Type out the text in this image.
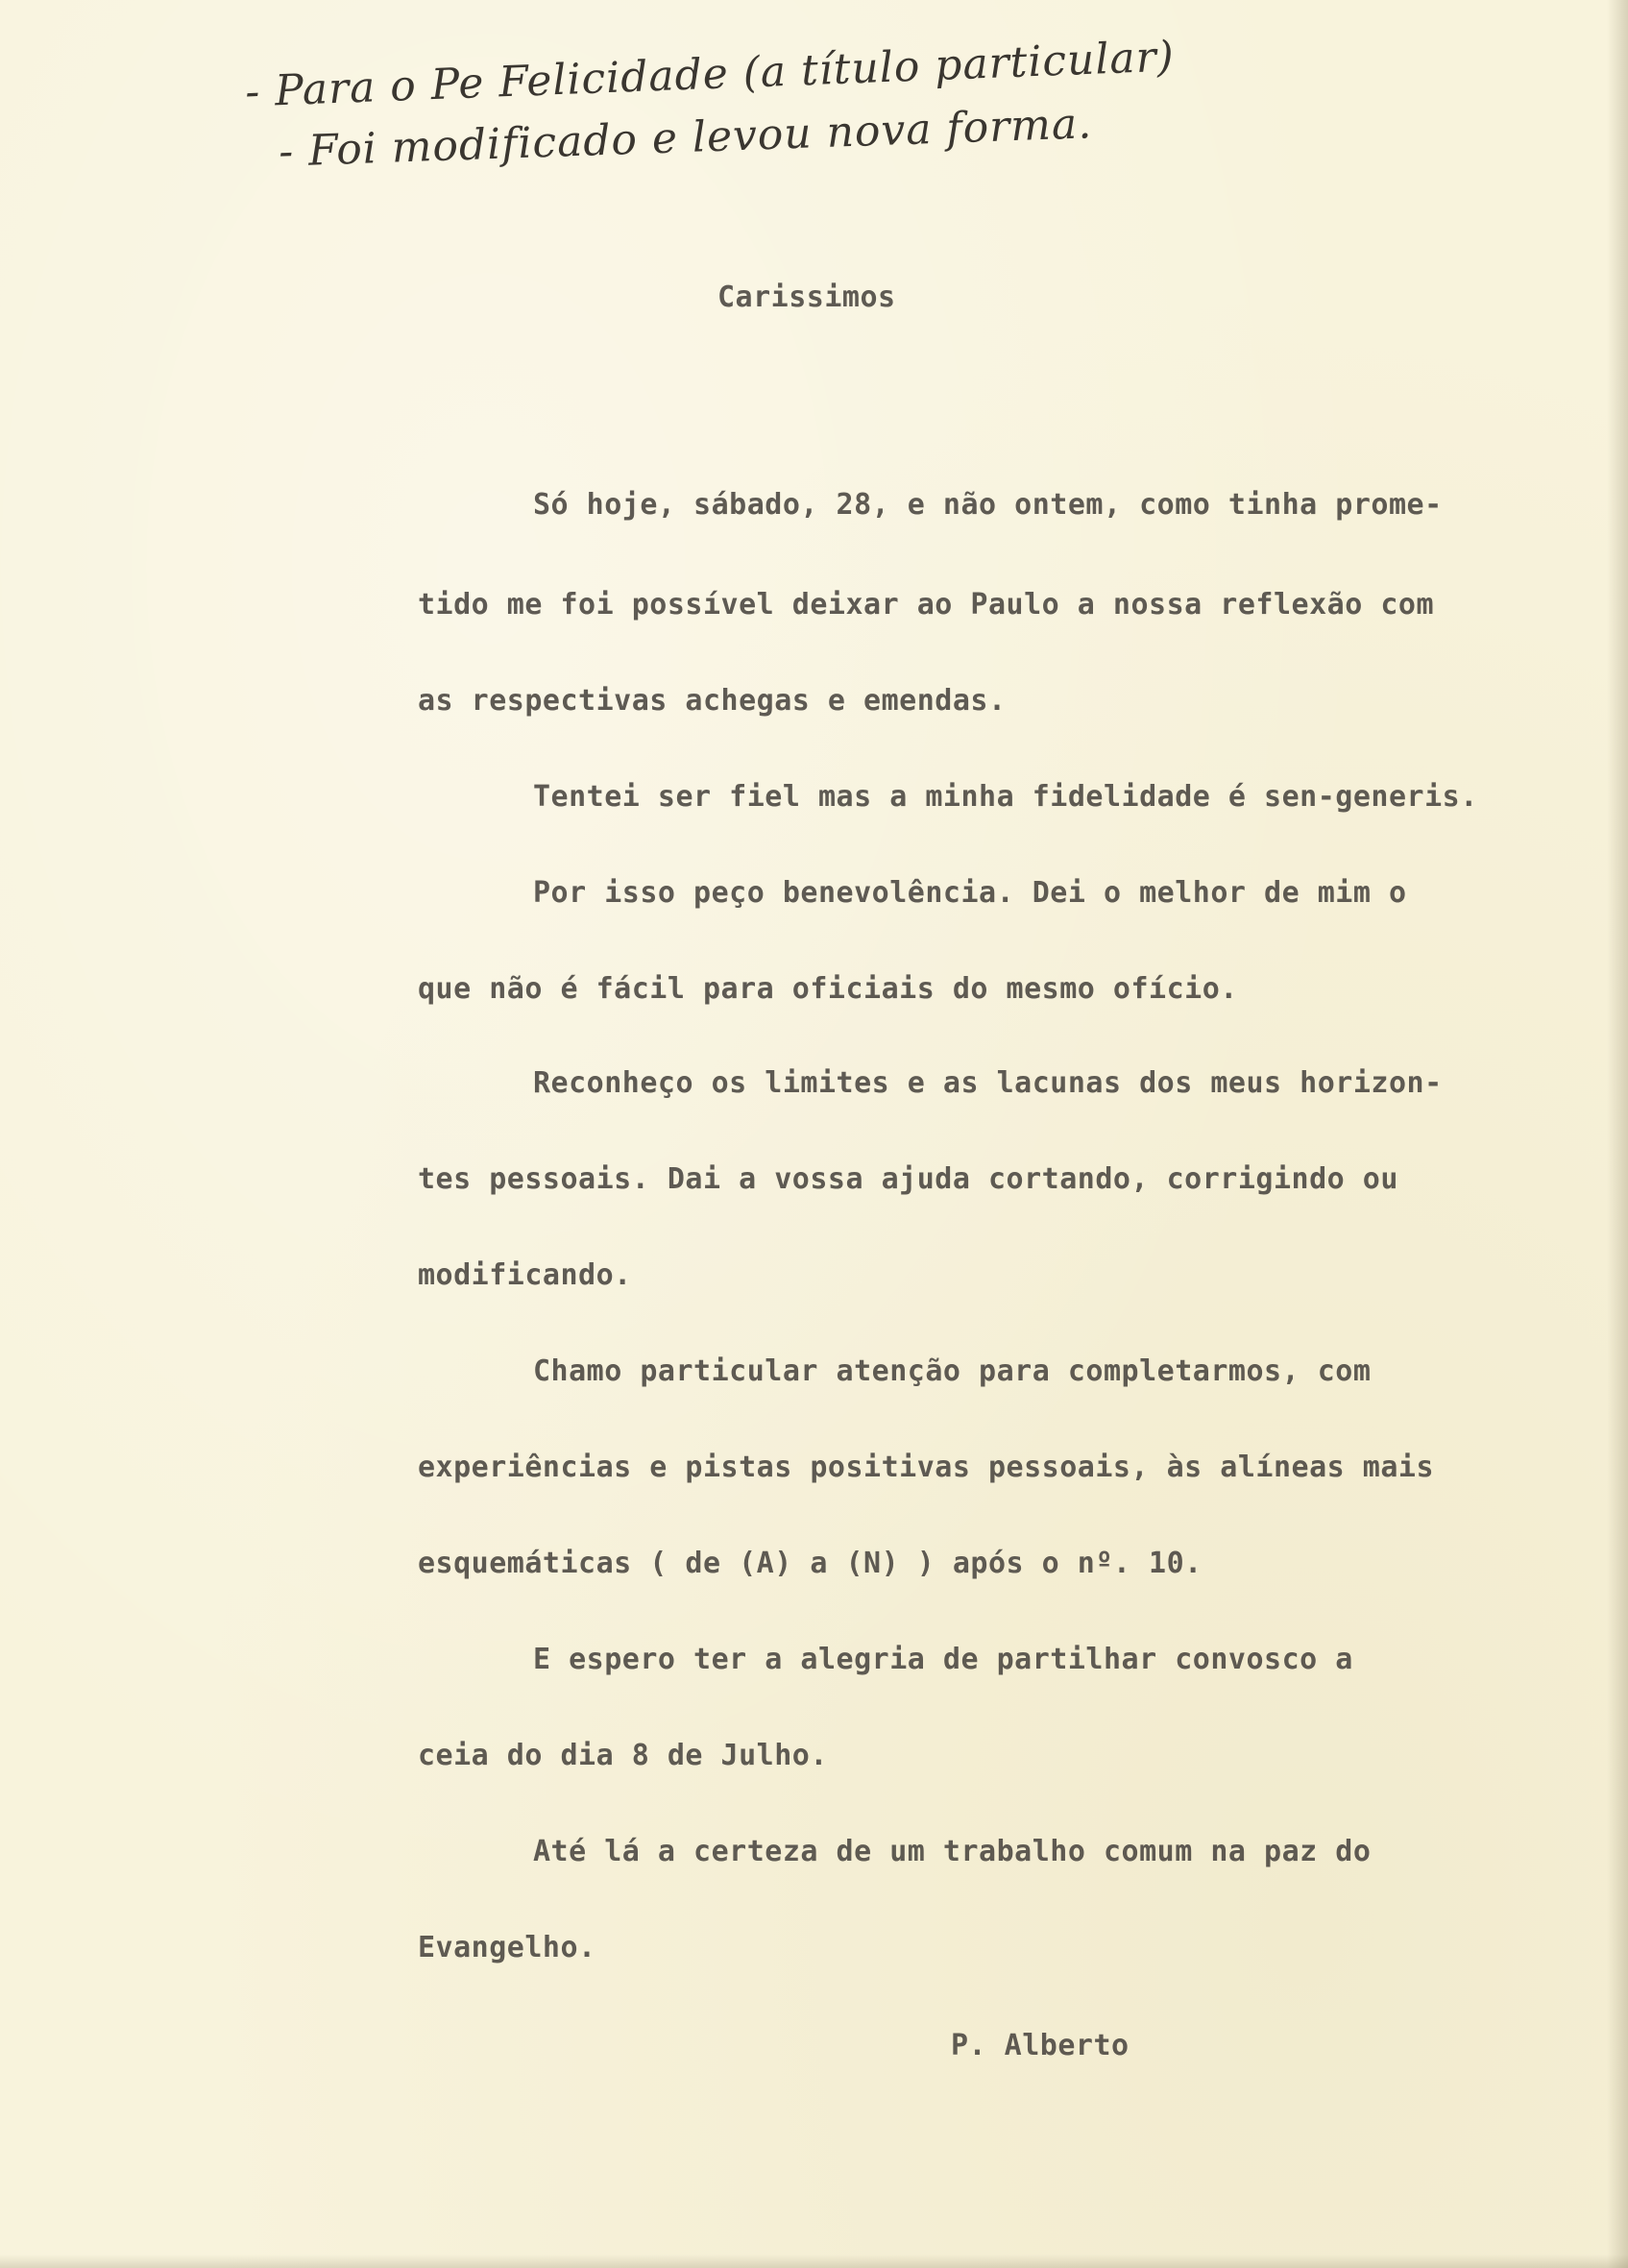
- Para o Pe Felicidade (a título particular)
- Foi modificado e levou nova forma.
Carissimos
Só hoje, sábado, 28, e não ontem, como tinha prome-
tido me foi possível deixar ao Paulo a nossa reflexão com
as respectivas achegas e emendas.
Tentei ser fiel mas a minha fidelidade é sen-generis.
Por isso peço benevolência. Dei o melhor de mim o
que não é fácil para oficiais do mesmo ofício.
Reconheço os limites e as lacunas dos meus horizon-
tes pessoais. Dai a vossa ajuda cortando, corrigindo ou
modificando.
Chamo particular atenção para completarmos, com
experiências e pistas positivas pessoais, às alíneas mais
esquemáticas ( de (A) a (N) ) após o nº. 10.
E espero ter a alegria de partilhar convosco a
ceia do dia 8 de Julho.
Até lá a certeza de um trabalho comum na paz do
Evangelho.
P. Alberto
